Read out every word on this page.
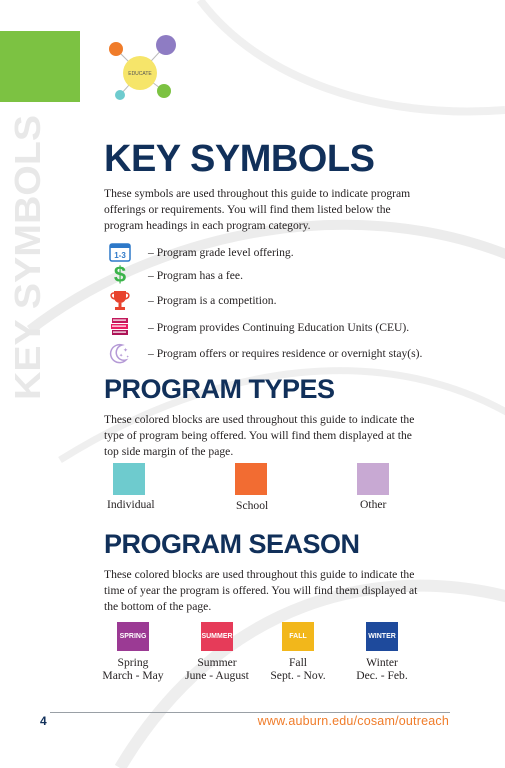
KEY SYMBOLS
EDUCATE
KEY SYMBOLS

These symbols are used throughout this guide to indicate program offerings or requirements. You will find them listed below the program headings in each program category.

1-3 – Program grade level offering.
$	– Program has a fee.
– Program is a competition.
– Program provides Continuing Education Units (CEU).
✦
✦ ✦ – Program offers or requires residence or overnight stay(s).
PROGRAM TYPES

These colored blocks are used throughout this guide to indicate the type of program being offered. You will find them displayed at the top side margin of the page.

Individual	School	Other
PROGRAM SEASON

These colored blocks are used throughout this guide to indicate the time of year the program is offered. You will find them displayed at the bottom of the page.

SPRING
Spring
March - May
SUMMER
Summer
June - August
FALL
Fall
Sept. - Nov.
WINTER
Winter
Dec. - Feb.
4	www.auburn.edu/cosam/outreach
